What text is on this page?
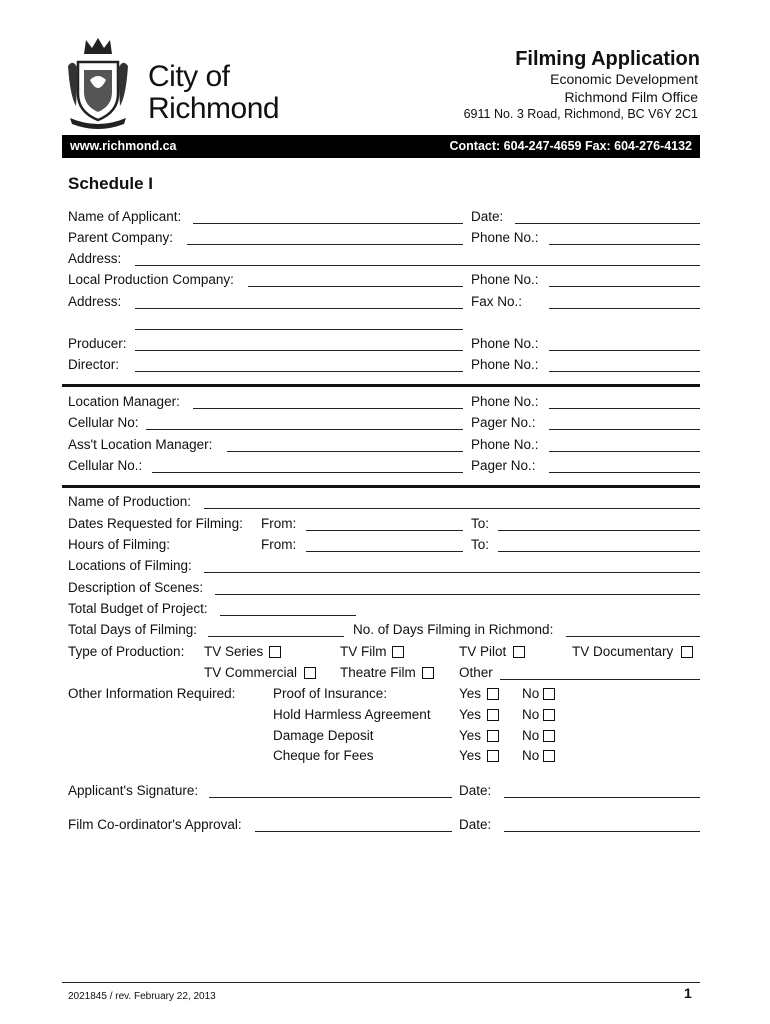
City of
Richmond
Filming Application
Economic Development
Richmond Film Office
6911 No. 3 Road, Richmond, BC V6Y 2C1
www.richmond.ca	Contact: 604-247-4659 Fax: 604-276-4132
Schedule I
Name of Applicant:	Date:
Parent Company:	Phone No.:
Address:
Local Production Company:	Phone No.:
Address:	Fax No.:
Producer:	Phone No.:
Director:	Phone No.:
Location Manager:	Phone No.:
Cellular No:	Pager No.:
Ass't Location Manager:	Phone No.:
Cellular No.:	Pager No.:
Name of Production:
Dates Requested for Filming: From:	To:
Hours of Filming:	From:	To:
Locations of Filming:
Description of Scenes:
Total Budget of Project:
Total Days of Filming:	No. of Days Filming in Richmond:
Type of Production: TV Series	TV Film	TV Pilot	TV Documentary
TV Commercial	Theatre Film	Other
Other Information Required:	Proof of Insurance:	Yes	No
Hold Harmless Agreement Yes	No
Damage Deposit	Yes	No
Cheque for Fees	Yes	No
Applicant's Signature:	Date:
Film Co-ordinator's Approval:	Date:
2021845 / rev. February 22, 2013	1
